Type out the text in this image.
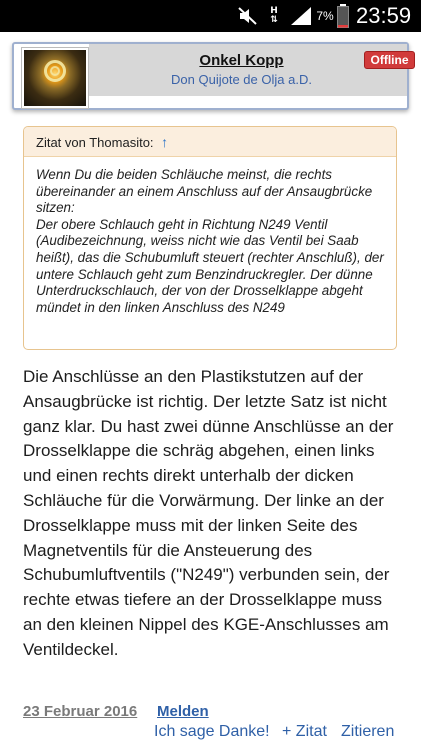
H
⇅	7% 23:59
Onkel Kopp
Don Quijote de Olja a.D.
Offline
Zitat von Thomasito: ↑
Wenn Du die beiden Schläuche meinst, die rechts übereinander an einem Anschluss auf der Ansaugbrücke sitzen:
Der obere Schlauch geht in Richtung N249 Ventil (Audibezeichnung, weiss nicht wie das Ventil bei Saab heißt), das die Schubumluft steuert (rechter Anschluß), der untere Schlauch geht zum Benzindruckregler. Der dünne Unterdruckschlauch, der von der Drosselklappe abgeht mündet in den linken Anschluss des N249
Die Anschlüsse an den Plastikstutzen auf der Ansaugbrücke ist richtig. Der letzte Satz ist nicht ganz klar. Du hast zwei dünne Anschlüsse an der Drosselklappe die schräg abgehen, einen links und einen rechts direkt unterhalb der dicken Schläuche für die Vorwärmung. Der linke an der Drosselklappe muss mit der linken Seite des Magnetventils für die Ansteuerung des Schubumluftventils ("N249") verbunden sein, der rechte etwas tiefere an der Drosselklappe muss an den kleinen Nippel des KGE-Anschlusses am Ventildeckel.
23 Februar 2016 Melden
Ich sage Danke! + Zitat Zitieren
